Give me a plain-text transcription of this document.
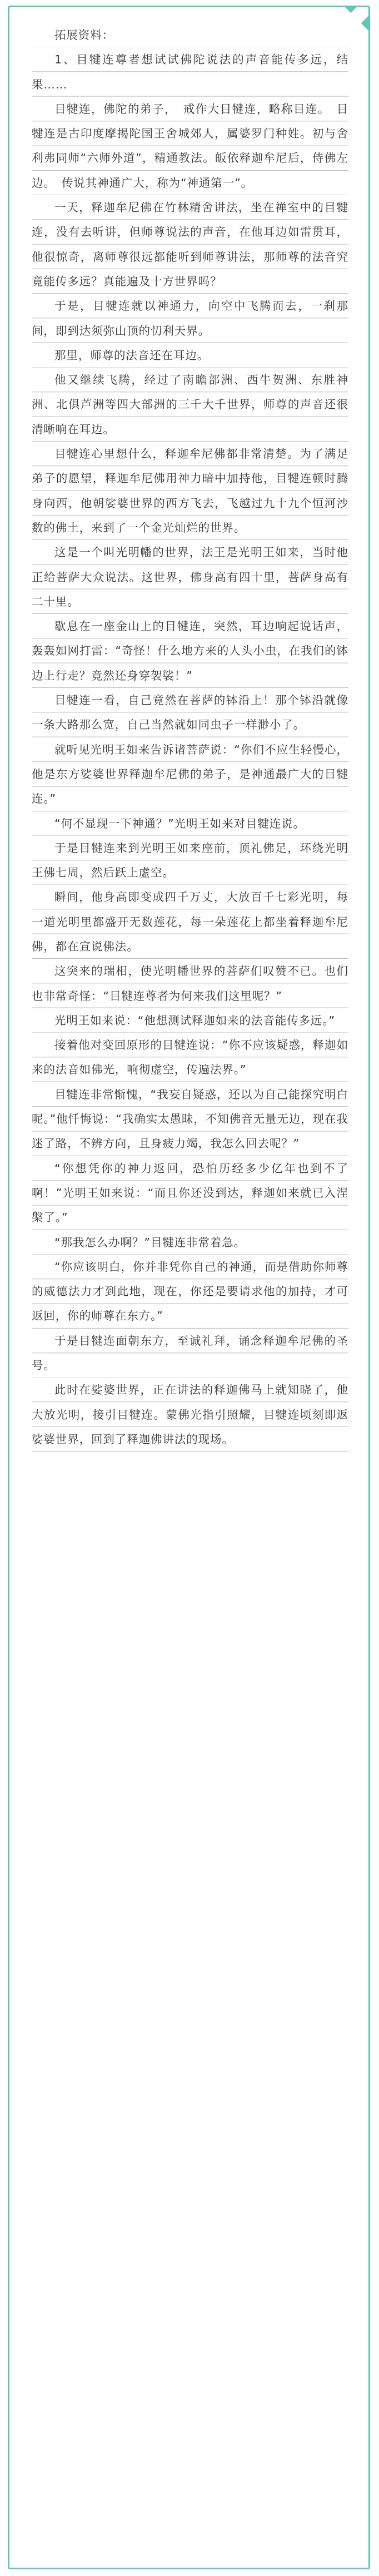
拓展资料：

1、目犍连尊者想试试佛陀说法的声音能传多远，结果……

目犍连，佛陀的弟子，　戒作大目犍连，略称目连。　目犍连是古印度摩揭陀国王舍城郊人，属婆罗门种姓。初与舍利弗同师“六师外道”，精通教法。皈依释迦牟尼后，侍佛左边。　传说其神通广大，称为“神通第一”。

一天，释迦牟尼佛在竹林精舍讲法，坐在禅室中的目犍连，没有去听讲，但师尊说法的声音，在他耳边如雷贯耳，他很惊奇，离师尊很远都能听到师尊讲法，那师尊的法音究竟能传多远？真能遍及十方世界吗？

于是，目犍连就以神通力，向空中飞腾而去，一刹那间，即到达须弥山顶的忉利天界。

那里，师尊的法音还在耳边。

他又继续飞腾，经过了南瞻部洲、西牛贺洲、东胜神洲、北俱芦洲等四大部洲的三千大千世界，师尊的声音还很清晰响在耳边。

目犍连心里想什么，释迦牟尼佛都非常清楚。为了满足弟子的愿望，释迦牟尼佛用神力暗中加持他，目犍连顿时腾身向西，他朝娑婆世界的西方飞去，飞越过九十九个恒河沙数的佛土，来到了一个金光灿烂的世界。

这是一个叫光明幡的世界，法王是光明王如来，当时他正给菩萨大众说法。这世界，佛身高有四十里，菩萨身高有二十里。

歇息在一座金山上的目犍连，突然，耳边响起说话声，轰轰如网打雷：“奇怪！什么地方来的人头小虫，在我们的钵边上行走？竟然还身穿袈裟！”

目犍连一看，自己竟然在菩萨的钵沿上！那个钵沿就像一条大路那么宽，自己当然就如同虫子一样渺小了。

就听见光明王如来告诉诸菩萨说：“你们不应生轻慢心，他是东方娑婆世界释迦牟尼佛的弟子，是神通最广大的目犍连。”

“何不显现一下神通？”光明王如来对目犍连说。

于是目犍连来到光明王如来座前，顶礼佛足，环绕光明王佛七周，然后跃上虚空。

瞬间，他身高即变成四千万丈，大放百千七彩光明，每一道光明里都盛开无数莲花，每一朵莲花上都坐着释迦牟尼佛，都在宣说佛法。

这突来的瑞相，使光明幡世界的菩萨们叹赞不已。也们也非常奇怪：“目犍连尊者为何来我们这里呢？”

光明王如来说：“他想测试释迦如来的法音能传多远。”

接着他对变回原形的目犍连说：“你不应该疑惑，释迦如来的法音如佛光，响彻虚空，传遍法界。”

目犍连非常惭愧，“我妄自疑惑，还以为自己能探究明白呢。”他忏悔说：“我确实太愚昧，不知佛音无量无边，现在我迷了路，不辨方向，且身疲力竭，我怎么回去呢？”

“你想凭你的神力返回，恐怕历经多少亿年也到不了啊！”光明王如来说：“而且你还没到达，释迦如来就已入涅槃了。”

“那我怎么办啊？”目犍连非常着急。

“你应该明白，你并非凭你自己的神通，而是借助你师尊的威德法力才到此地，现在，你还是要请求他的加持，才可返回，你的师尊在东方。”

于是目犍连面朝东方，至诚礼拜，诵念释迦牟尼佛的圣号。

此时在娑婆世界，正在讲法的释迦佛马上就知晓了，他大放光明，接引目犍连。蒙佛光指引照耀，目犍连顷刻即返娑婆世界，回到了释迦佛讲法的现场。
